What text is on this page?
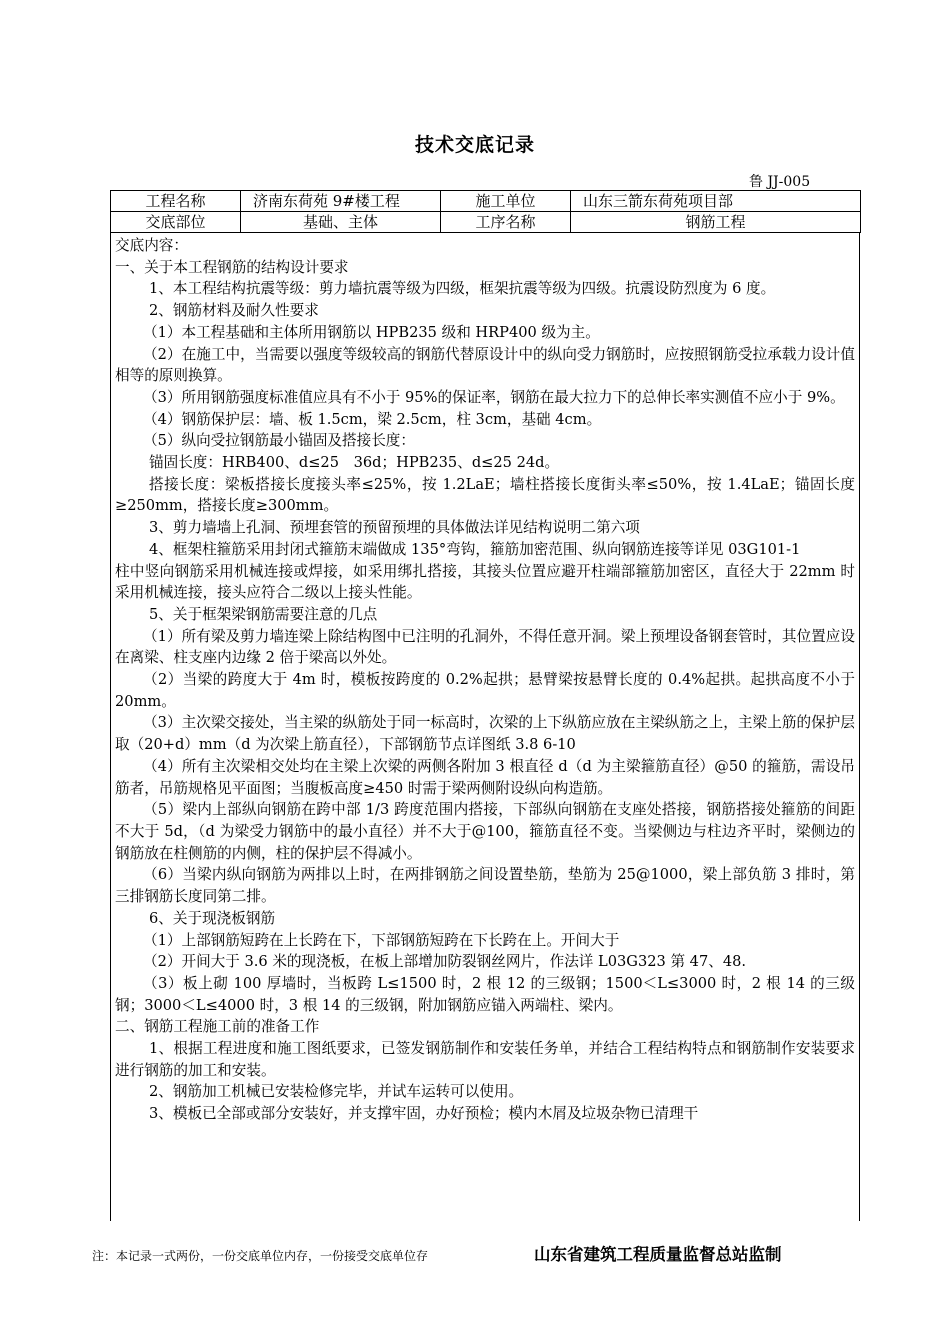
技术交底记录
鲁 JJ-005
工程名称	济南东荷苑 9#楼工程	施工单位	山东三箭东荷苑项目部
交底部位	基础、主体	工序名称	钢筋工程

交底内容：

一、关于本工程钢筋的结构设计要求

1、本工程结构抗震等级：剪力墙抗震等级为四级，框架抗震等级为四级。抗震设防烈度为 6 度。

2、钢筋材料及耐久性要求

（1）本工程基础和主体所用钢筋以 HPB235 级和 HRP400 级为主。

（2）在施工中，当需要以强度等级较高的钢筋代替原设计中的纵向受力钢筋时，应按照钢筋受拉承载力设计值相等的原则换算。

（3）所用钢筋强度标准值应具有不小于 95%的保证率，钢筋在最大拉力下的总伸长率实测值不应小于 9%。

（4）钢筋保护层：墙、板 1.5cm，梁 2.5cm，柱 3cm，基础 4cm。

（5）纵向受拉钢筋最小锚固及搭接长度：

锚固长度：HRB400、d≤25　36d；HPB235、d≤25 24d。

搭接长度：梁板搭接长度接头率≤25%，按 1.2LaE；墙柱搭接长度街头率≤50%，按 1.4LaE；锚固长度≥250mm，搭接长度≥300mm。

3、剪力墙墙上孔洞、预埋套管的预留预埋的具体做法详见结构说明二第六项

4、框架柱箍筋采用封闭式箍筋末端做成 135°弯钩，箍筋加密范围、纵向钢筋连接等详见 03G101-1

柱中竖向钢筋采用机械连接或焊接，如采用绑扎搭接，其接头位置应避开柱端部箍筋加密区，直径大于 22mm 时采用机械连接，接头应符合二级以上接头性能。

5、关于框架梁钢筋需要注意的几点

（1）所有梁及剪力墙连梁上除结构图中已注明的孔洞外，不得任意开洞。梁上预埋设备钢套管时，其位置应设在离梁、柱支座内边缘 2 倍于梁高以外处。

（2）当梁的跨度大于 4m 时，模板按跨度的 0.2%起拱；悬臂梁按悬臂长度的 0.4%起拱。起拱高度不小于 20mm。

（3）主次梁交接处，当主梁的纵筋处于同一标高时，次梁的上下纵筋应放在主梁纵筋之上，主梁上筋的保护层取（20+d）mm（d 为次梁上筋直径），下部钢筋节点详图纸 3.8 6-10

（4）所有主次梁相交处均在主梁上次梁的两侧各附加 3 根直径 d（d 为主梁箍筋直径）@50 的箍筋，需设吊筋者，吊筋规格见平面图；当腹板高度≥450 时需于梁两侧附设纵向构造筋。

（5）梁内上部纵向钢筋在跨中部 1/3 跨度范围内搭接，下部纵向钢筋在支座处搭接，钢筋搭接处箍筋的间距不大于 5d，（d 为梁受力钢筋中的最小直径）并不大于@100，箍筋直径不变。当梁侧边与柱边齐平时，梁侧边的钢筋放在柱侧筋的内侧，柱的保护层不得减小。

（6）当梁内纵向钢筋为两排以上时，在两排钢筋之间设置垫筋，垫筋为 25@1000，梁上部负筋 3 排时，第三排钢筋长度同第二排。

6、关于现浇板钢筋

（1）上部钢筋短跨在上长跨在下，下部钢筋短跨在下长跨在上。开间大于

（2）开间大于 3.6 米的现浇板，在板上部增加防裂钢丝网片，作法详 L03G323 第 47、48.

（3）板上砌 100 厚墙时，当板跨 L≤1500 时，2 根 12 的三级钢；1500＜L≤3000 时，2 根 14 的三级钢；3000＜L≤4000 时，3 根 14 的三级钢，附加钢筋应锚入两端柱、梁内。

二、钢筋工程施工前的准备工作

1、根据工程进度和施工图纸要求，已签发钢筋制作和安装任务单，并结合工程结构特点和钢筋制作安装要求进行钢筋的加工和安装。

2、钢筋加工机械已安装检修完毕，并试车运转可以使用。

3、模板已全部或部分安装好，并支撑牢固，办好预检；模内木屑及垃圾杂物已清理干

注：本记录一式两份，一份交底单位内存，一份接受交底单位存	山东省建筑工程质量监督总站监制
